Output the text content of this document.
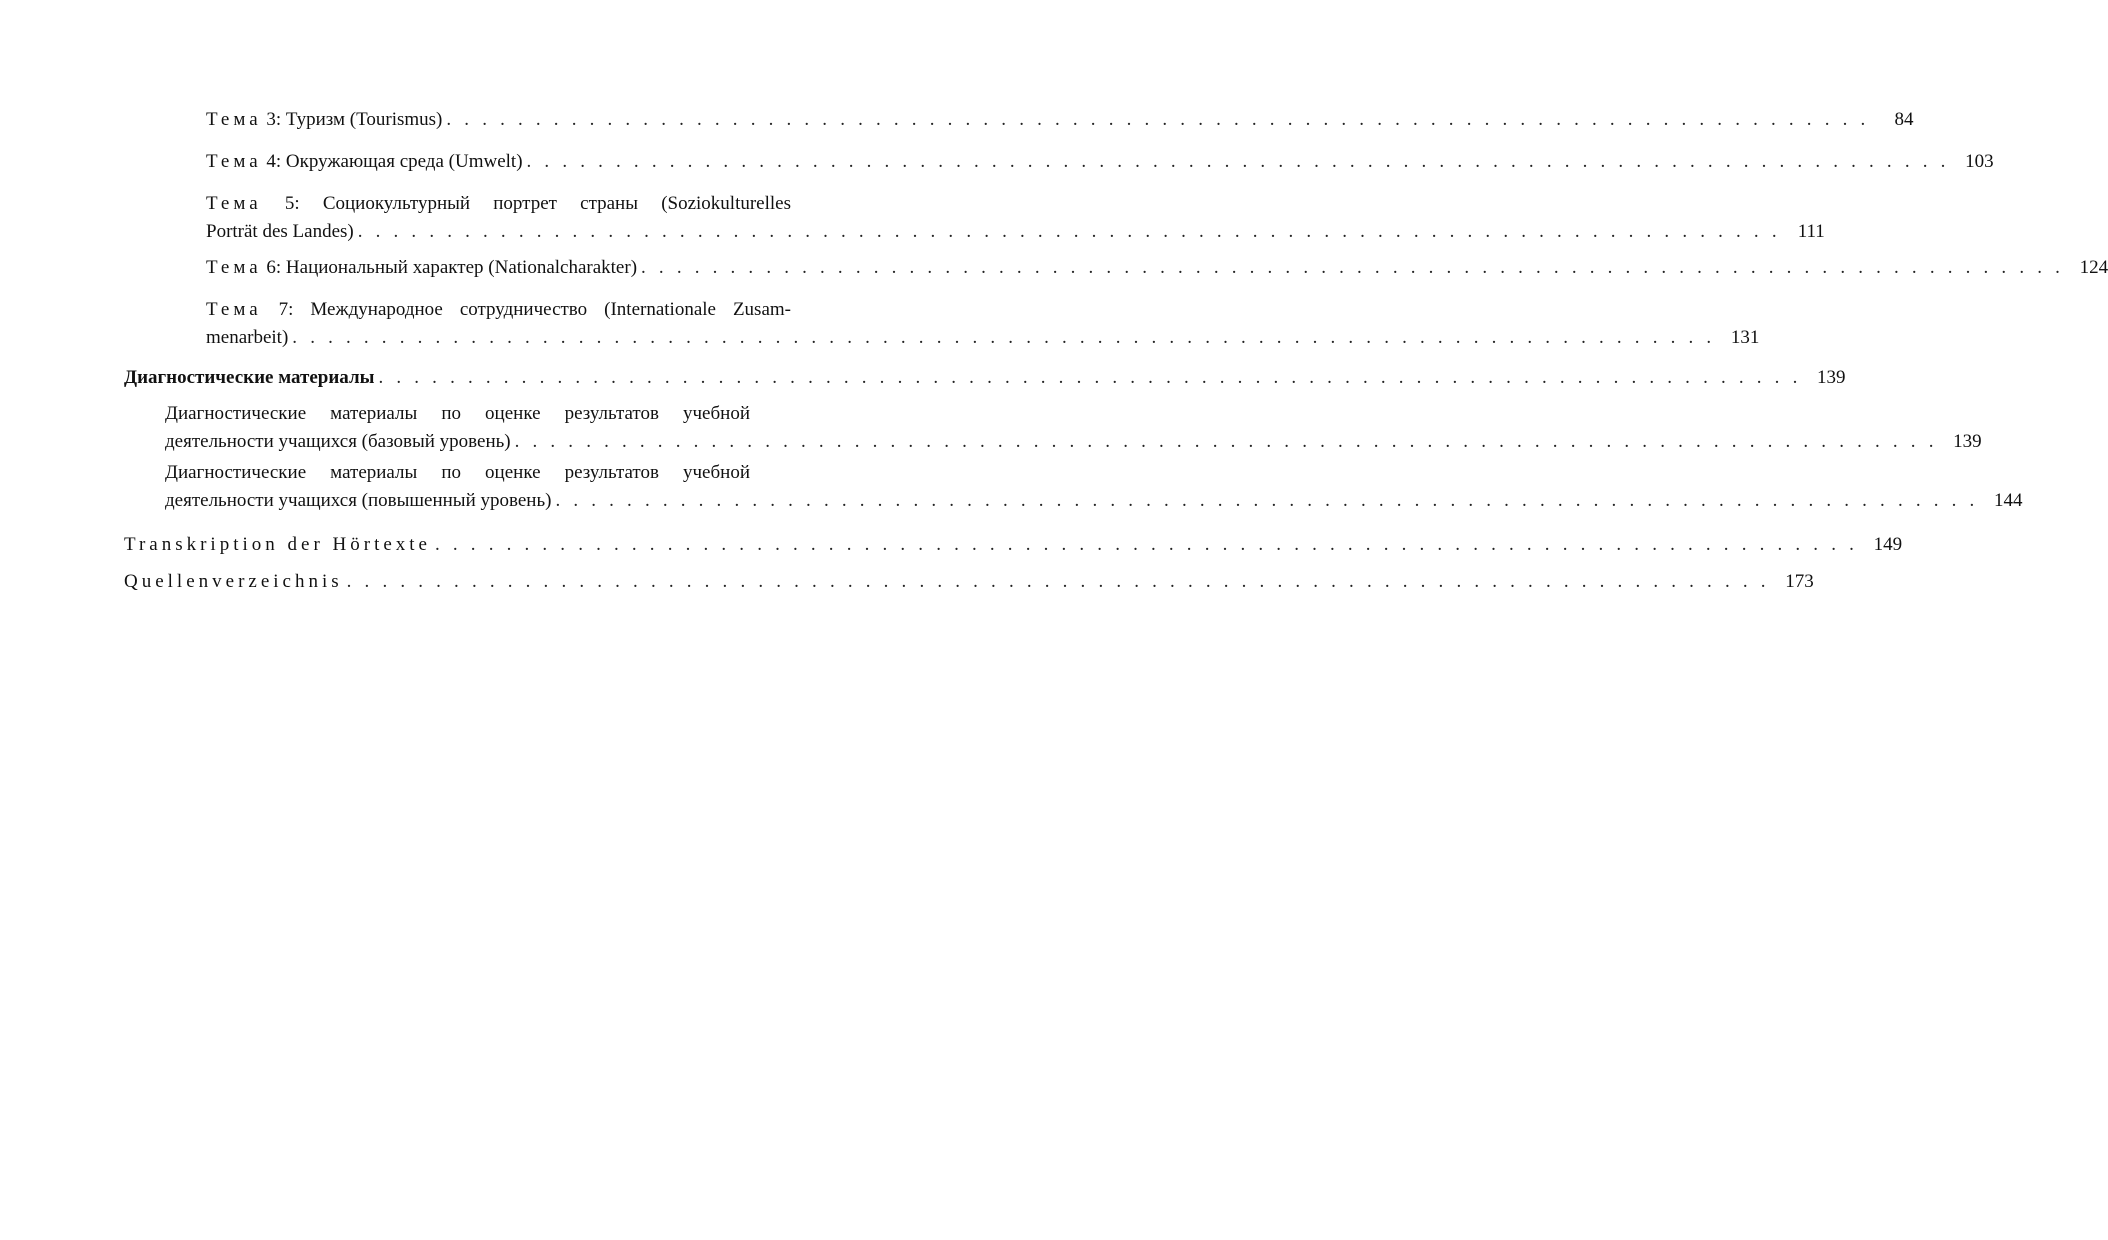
Тема 3: Туризм (Tourismus) . . . . . . . . . . . . . . . . . . . . . . . . . . . . . . . . . . . . . . . . . . . . . . . . . . . . . . . . . . . . . . . . . . . . . . . . . . . . . . . .	84
Тема 4: Окружающая среда (Umwelt) . . . . . . . . . . . . . . . . . . . . . . . . . . . . . . . . . . . . . . . . . . . . . . . . . . . . . . . . . . . . . . . . . . . . . . . . . . . . . . . . 103
Тема 5: Социокультурный портрет страны (Soziokulturelles
Porträt des Landes) . . . . . . . . . . . . . . . . . . . . . . . . . . . . . . . . . . . . . . . . . . . . . . . . . . . . . . . . . . . . . . . . . . . . . . . . . . . . . . . . 111
Тема 6: Национальный характер (Nationalcharakter) . . . . . . . . . . . . . . . . . . . . . . . . . . . . . . . . . . . . . . . . . . . . . . . . . . . . . . . . . . . . . . . . . . . . . . . . . . . . . . . . 124
Тема 7: Международное сотрудничество (Internationale Zusam-
menarbeit) . . . . . . . . . . . . . . . . . . . . . . . . . . . . . . . . . . . . . . . . . . . . . . . . . . . . . . . . . . . . . . . . . . . . . . . . . . . . . . . . 131
Диагностические материалы . . . . . . . . . . . . . . . . . . . . . . . . . . . . . . . . . . . . . . . . . . . . . . . . . . . . . . . . . . . . . . . . . . . . . . . . . . . . . . . . 139
Диагностические материалы по оценке результатов учебной
деятельности учащихся (базовый уровень) . . . . . . . . . . . . . . . . . . . . . . . . . . . . . . . . . . . . . . . . . . . . . . . . . . . . . . . . . . . . . . . . . . . . . . . . . . . . . . . . 139
Диагностические материалы по оценке результатов учебной
деятельности учащихся (повышенный уровень) . . . . . . . . . . . . . . . . . . . . . . . . . . . . . . . . . . . . . . . . . . . . . . . . . . . . . . . . . . . . . . . . . . . . . . . . . . . . . . . . 144
Transkription der Hörtexte . . . . . . . . . . . . . . . . . . . . . . . . . . . . . . . . . . . . . . . . . . . . . . . . . . . . . . . . . . . . . . . . . . . . . . . . . . . . . . . . 149
Quellenverzeichnis . . . . . . . . . . . . . . . . . . . . . . . . . . . . . . . . . . . . . . . . . . . . . . . . . . . . . . . . . . . . . . . . . . . . . . . . . . . . . . . . 173
